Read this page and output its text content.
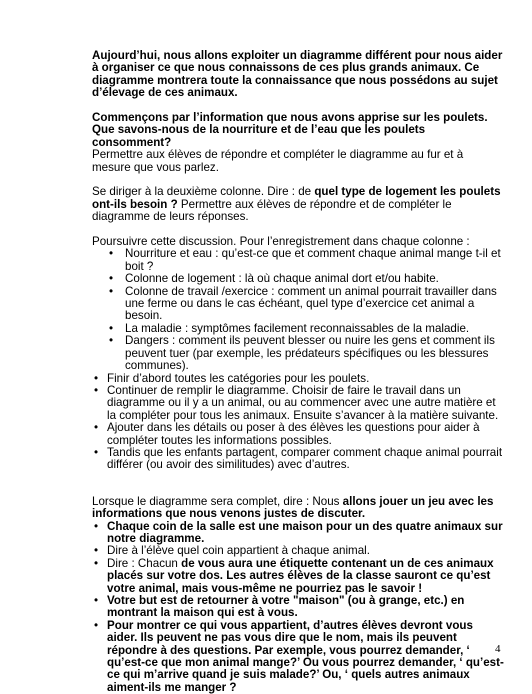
Aujourd’hui, nous allons exploiter un diagramme différent pour nous aider à organiser ce que nous connaissons de ces plus grands animaux. Ce diagramme montrera toute la connaissance que nous possédons au sujet d’élevage de ces animaux.

Commençons par l’information que nous avons apprise sur les poulets. Que savons-nous de la nourriture et de l’eau que les poulets consomment?
Permettre aux élèves de répondre et compléter le diagramme au fur et à mesure que vous parlez.

Se diriger à la deuxième colonne. Dire : de quel type de logement les poulets ont-ils besoin ? Permettre aux élèves de répondre et de compléter le diagramme de leurs réponses.

Poursuivre cette discussion. Pour l’enregistrement dans chaque colonne :

• Nourriture et eau : qu’est-ce que et comment chaque animal mange t-il et boit ?
• Colonne de logement : là où chaque animal dort et/ou habite.
• Colonne de travail /exercice : comment un animal pourrait travailler dans une ferme ou dans le cas échéant, quel type d’exercice cet animal a besoin.
• La maladie : symptômes facilement reconnaissables de la maladie.
• Dangers : comment ils peuvent blesser ou nuire les gens et comment ils peuvent tuer (par exemple, les prédateurs spécifiques ou les blessures communes).
• Finir d’abord toutes les catégories pour les poulets.
• Continuer de remplir le diagramme. Choisir de faire le travail dans un diagramme ou il y a un animal, ou au commencer avec une autre matière et la compléter pour tous les animaux. Ensuite s’avancer à la matière suivante.
• Ajouter dans les détails ou poser à des élèves les questions pour aider à compléter toutes les informations possibles.
• Tandis que les enfants partagent, comparer comment chaque animal pourrait différer (ou avoir des similitudes) avec d’autres.

Lorsque le diagramme sera complet, dire : Nous allons jouer un jeu avec les informations que nous venons justes de discuter.

• Chaque coin de la salle est une maison pour un des quatre animaux sur notre diagramme.
• Dire à l’élève quel coin appartient à chaque animal.
• Dire : Chacun de vous aura une étiquette contenant un de ces animaux placés sur votre dos. Les autres élèves de la classe sauront ce qu’est votre animal, mais vous-même ne pourriez pas le savoir !
• Votre but est de retourner à votre "maison" (ou à grange, etc.) en montrant la maison qui est à vous.
• Pour montrer ce qui vous appartient, d’autres élèves devront vous aider. Ils peuvent ne pas vous dire que le nom, mais ils peuvent répondre à des questions. Par exemple, vous pourrez demander, ‘ qu’est-ce que mon animal mange?’ Ou vous pourrez demander, ‘ qu’est-ce qui m’arrive quand je suis malade?’ Ou, ‘ quels autres animaux aiment-ils me manger ?
4
